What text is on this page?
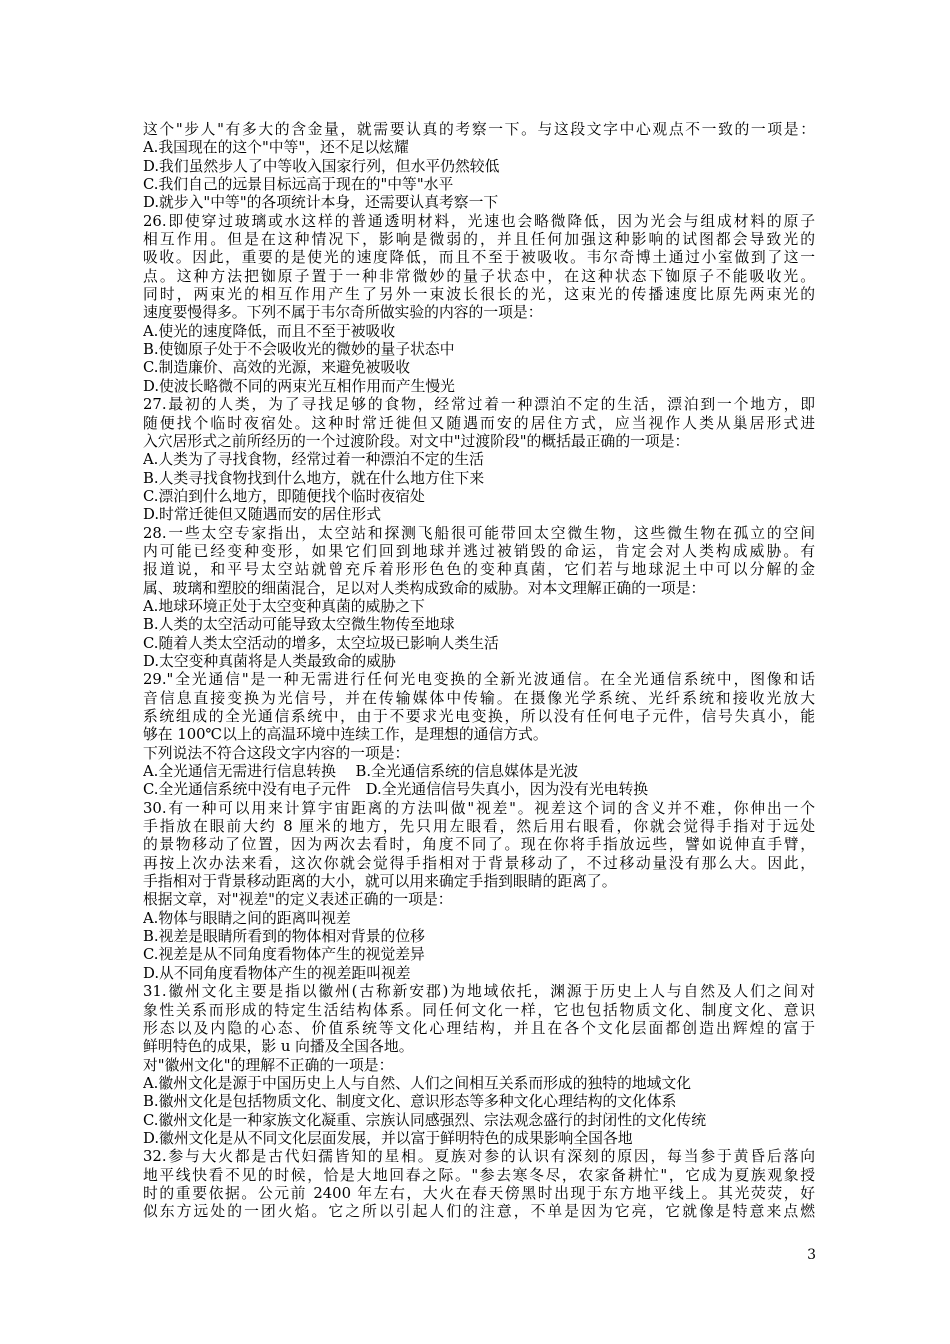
这个"步人"有多大的含金量，就需要认真的考察一下。与这段文字中心观点不一致的一项是：
A.我国现在的这个"中等"，还不足以炫耀
D.我们虽然步人了中等收入国家行列，但水平仍然较低
C.我们自己的远景目标远高于现在的"中等"水平
D.就步入"中等"的各项统计本身，还需要认真考察一下
26.即使穿过玻璃或水这样的普通透明材料，光速也会略微降低，因为光会与组成材料的原子
相互作用。但是在这种情况下，影响是微弱的，并且任何加强这种影响的试图都会导致光的
吸收。因此，重要的是使光的速度降低，而且不至于被吸收。韦尔奇博土通过小室做到了这一
点。这种方法把铷原子置于一种非常微妙的量子状态中，在这种状态下铷原子不能吸收光。
同时，两束光的相互作用产生了另外一束波长很长的光，这束光的传播速度比原先两束光的
速度要慢得多。下列不属于韦尔奇所做实验的内容的一项是：
A.使光的速度降低，而且不至于被吸收
B.使铷原子处于不会吸收光的微妙的量子状态中
C.制造廉价、高效的光源，来避免被吸收
D.使波长略微不同的两束光互相作用而产生慢光
27.最初的人类，为了寻找足够的食物，经常过着一种漂泊不定的生活，漂泊到一个地方，即
随便找个临时夜宿处。这种时常迁徙但又随遇而安的居住方式，应当视作人类从巢居形式进
入穴居形式之前所经历的一个过渡阶段。对文中"过渡阶段"的概括最正确的一项是：
A.人类为了寻找食物，经常过着一种漂泊不定的生活
B.人类寻找食物找到什么地方，就在什么地方住下来
C.漂泊到什么地方，即随便找个临时夜宿处
D.时常迁徙但又随遇而安的居住形式
28.一些太空专家指出，太空站和探测飞船很可能带回太空微生物，这些微生物在孤立的空间
内可能已经变种变形，如果它们回到地球并逃过被销毁的命运，肯定会对人类构成威胁。有
报道说，和平号太空站就曾充斥着形形色色的变种真菌，它们若与地球泥土中可以分解的金
属、玻璃和塑胶的细菌混合，足以对人类构成致命的威胁。对本文理解正确的一项是：
A.地球环境正处于太空变种真菌的威胁之下
B.人类的太空活动可能导致太空微生物传至地球
C.随着人类太空活动的增多，太空垃圾已影响人类生活
D.太空变种真菌将是人类最致命的威胁
29."全光通信"是一种无需进行任何光电变换的全新光波通信。在全光通信系统中，图像和话
音信息直接变换为光信号，并在传输媒体中传输。在摄像光学系统、光纤系统和接收光放大
系统组成的全光通信系统中，由于不要求光电变换，所以没有任何电子元件，信号失真小，能
够在 100℃以上的高温环境中连续工作，是理想的通信方式。
下列说法不符合这段文字内容的一项是：
A.全光通信无需进行信息转换　 B.全光通信系统的信息媒体是光波
C.全光通信系统中没有电子元件　D.全光通信信号失真小，因为没有光电转换
30.有一种可以用来计算宇宙距离的方法叫做"视差"。视差这个词的含义并不难，你伸出一个
手指放在眼前大约 8 厘米的地方，先只用左眼看，然后用右眼看，你就会觉得手指对于远处
的景物移动了位置，因为两次去看时，角度不同了。现在你将手指放远些，譬如说伸直手臂，
再按上次办法来看，这次你就会觉得手指相对于背景移动了，不过移动量没有那么大。因此，
手指相对于背景移动距离的大小，就可以用来确定手指到眼睛的距离了。
根据文章，对"视差"的定义表述正确的一项是：
A.物体与眼睛之间的距离叫视差
B.视差是眼睛所看到的物体相对背景的位移
C.视差是从不同角度看物体产生的视觉差异
D.从不同角度看物体产生的视差距叫视差
31.徽州文化主要是指以徽州(古称新安郡)为地域依托，渊源于历史上人与自然及人们之间对
象性关系而形成的特定生活结构体系。同任何文化一样，它也包括物质文化、制度文化、意识
形态以及内隐的心态、价值系统等文化心理结构，并且在各个文化层面都创造出辉煌的富于
鲜明特色的成果，影 u 向播及全国各地。
对"徽州文化"的理解不正确的一项是：
A.徽州文化是源于中国历史上人与自然、人们之间相互关系而形成的独特的地域文化
B.徽州文化是包括物质文化、制度文化、意识形态等多种文化心理结构的文化体系
C.徽州文化是一种家族文化凝重、宗族认同感强烈、宗法观念盛行的封闭性的文化传统
D.徽州文化是从不同文化层面发展，并以富于鲜明特色的成果影响全国各地
32.参与大火都是古代妇孺皆知的星相。夏族对参的认识有深刻的原因，每当参于黄昏后落向
地平线快看不见的时候，恰是大地回春之际。"参去寒冬尽，农家备耕忙"，它成为夏族观象授
时的重要依据。公元前 2400 年左右，大火在春天傍黑时出现于东方地平线上。其光荧荧，好
似东方远处的一团火焰。它之所以引起人们的注意，不单是因为它亮，它就像是特意来点燃
3
